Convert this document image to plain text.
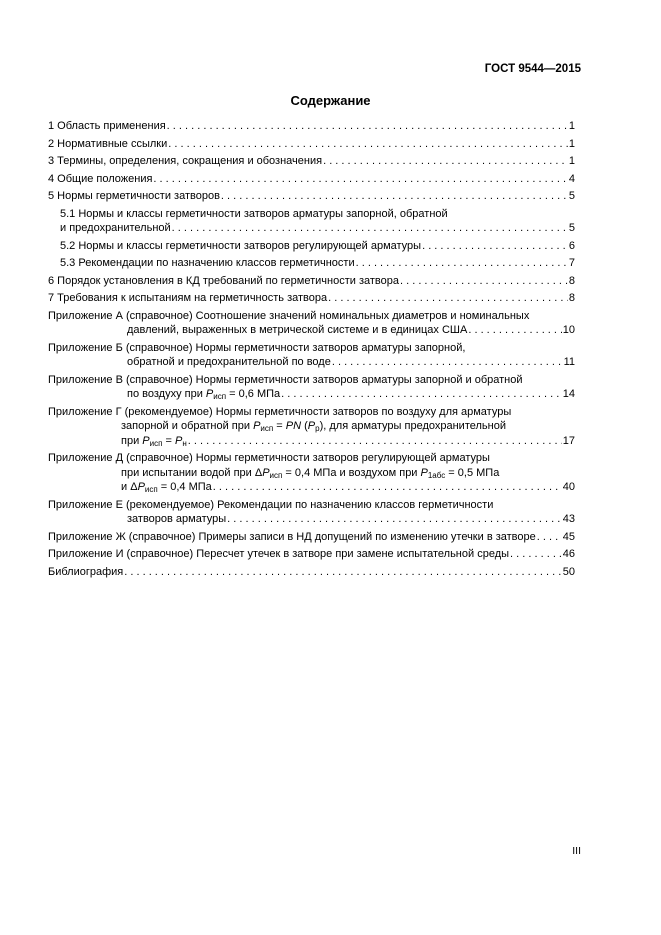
ГОСТ 9544—2015
Содержание
1 Область применения . . .	1
2 Нормативные ссылки . . .	1
3 Термины, определения, сокращения и обозначения . . .	1
4 Общие положения . . .	4
5 Нормы герметичности затворов . . .	5
5.1 Нормы и классы герметичности затворов арматуры запорной, обратной
и предохранительной . . .	5
5.2 Нормы и классы герметичности затворов регулирующей арматуры . . .	6
5.3 Рекомендации по назначению классов герметичности . . .	7
6 Порядок установления в КД требований по герметичности затвора . . .	8
7 Требования к испытаниям на герметичность затвора . . .	8
Приложение А (справочное) Соотношение значений номинальных диаметров и номинальных
давлений, выраженных в метрической системе и в единицах США . . .	10
Приложение Б (справочное) Нормы герметичности затворов арматуры запорной,
обратной и предохранительной по воде . . .	11
Приложение В (справочное) Нормы герметичности затворов арматуры запорной и обратной
по воздуху при $P_{исп} = 0,6$ МПа . . .	14
Приложение Г (рекомендуемое) Нормы герметичности затворов по воздуху для арматуры
запорной и обратной при $P_{исп}$ = PN $(P_р)$, для арматуры предохранительной
при $P_{исп} = P_н$ . . .	17
Приложение Д (справочное) Нормы герметичности затворов регулирующей арматуры
при испытании водой при $\Delta P_{исп} = 0,4$ МПа и воздухом при $P_{1абс} = 0,5$ МПа
и $\Delta P_{исп} = 0,4$ МПа . . .	40
Приложение Е (рекомендуемое) Рекомендации по назначению классов герметичности
затворов арматуры . . .	43
Приложение Ж (справочное) Примеры записи в НД допущений по изменению утечки в затворе . . . 45
Приложение И (справочное) Пересчет утечек в затворе при замене испытательной среды . . .	46
Библиография . . .	50
III
